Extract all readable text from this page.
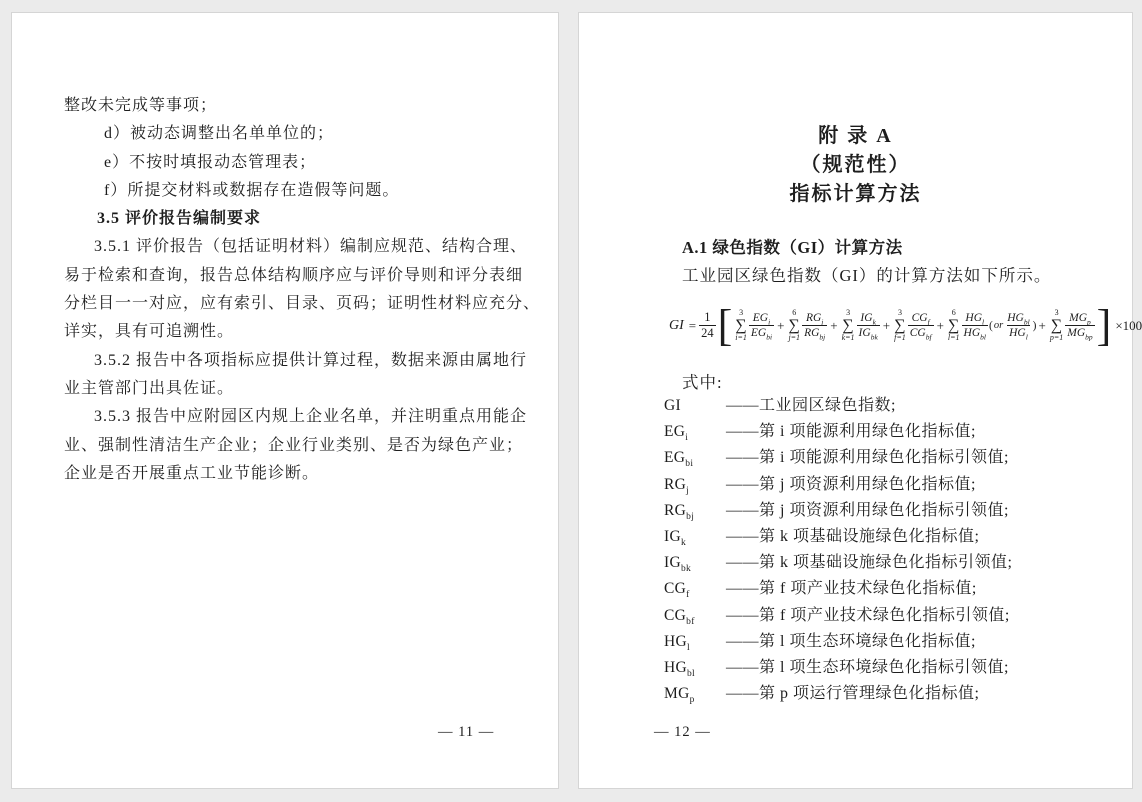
整改未完成等事项；
d）被动态调整出名单单位的；
e）不按时填报动态管理表；
f）所提交材料或数据存在造假等问题。
3.5 评价报告编制要求
3.5.1 评价报告（包括证明材料）编制应规范、结构合理、
易于检索和查询，报告总体结构顺序应与评价导则和评分表细
分栏目一一对应，应有索引、目录、页码；证明性材料应充分、
详实，具有可追溯性。
3.5.2 报告中各项指标应提供计算过程，数据来源由属地行
业主管部门出具佐证。
3.5.3 报告中应附园区内规上企业名单，并注明重点用能企
业、强制性清洁生产企业；企业行业类别、是否为绿色产业；
企业是否开展重点工业节能诊断。
— 11 —
附 录 A
（规范性）
指标计算方法
A.1 绿色指数（GI）计算方法

工业园区绿色指数（GI）的计算方法如下所示。

GI = $\frac{1}{24}$ [ 3
∑
$i=1 \frac{EG_i}{EG_{bi}}$ +
6
∑
$j=1 \frac{RG_j}{RG_{bj}}$ +
3
∑
$k=1 \frac{IG_k}{IG_{bk}}$ +
3
∑
$f=1 \frac{CG_f}{CG_{bf}}$ +
6
∑
$l=1 \frac{HG_l}{HG_{bl}}$ ( or $\frac{HG_{bl}}{HG_l}$ ) +
3
∑
$p=1 \frac{MG_p}{MG_{bp}}$ ] ×100
式中:
GI	——工业园区绿色指数;
$EG_i$	——第 i 项能源利用绿色化指标值;
$EG_{bi}$	——第 i 项能源利用绿色化指标引领值;
$RG_j$	——第 j 项资源利用绿色化指标值;
$RG_{bj}$	——第 j 项资源利用绿色化指标引领值;
$IG_k$	——第 k 项基础设施绿色化指标值;
$IG_{bk}$	——第 k 项基础设施绿色化指标引领值;
$CG_f$	——第 f 项产业技术绿色化指标值;
$CG_{bf}$	——第 f 项产业技术绿色化指标引领值;
$HG_l$	——第 l 项生态环境绿色化指标值;
$HG_{bl}$	——第 l 项生态环境绿色化指标引领值;
$MG_p$	——第 p 项运行管理绿色化指标值;
— 12 —
